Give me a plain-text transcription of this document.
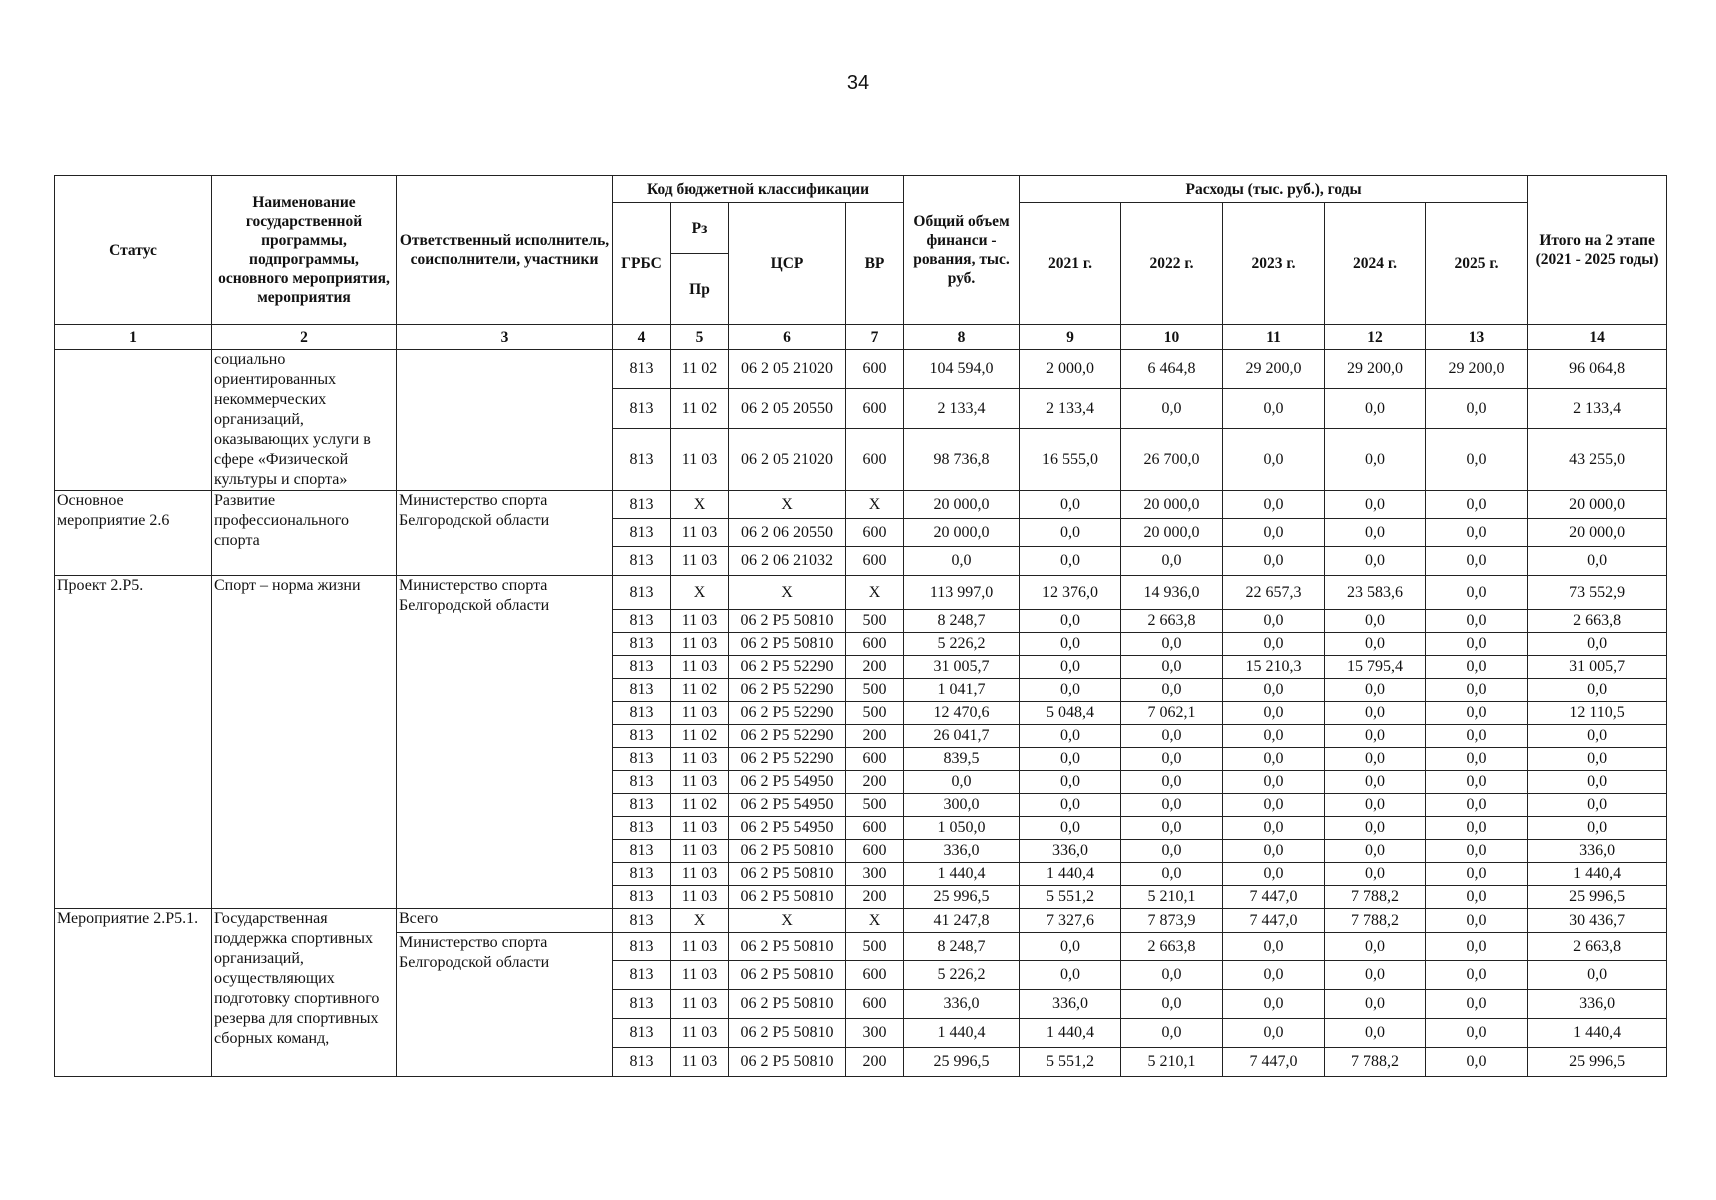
34
Статус	Наименование государственной программы, подпрограммы, основного мероприятия, мероприятия	Ответственный исполнитель, соисполнители, участники	Код бюджетной классификации				Общий объем финанси - рования, тыс. руб.	Расходы (тыс. руб.), годы					Итого на 2 этапе (2021 - 2025 годы)
			ГРБС	Рз	ЦСР	ВР		2021 г.	2022 г.	2023 г.	2024 г.	2025 г.	
				Пр									
1	2	3	4	5	6	7	8	9	10	11	12	13	14
	социально ориентированных некоммерческих организаций, оказывающих услуги в сфере «Физической культуры и спорта»		813	11 02	06 2 05 21020	600	104 594,0	2 000,0	6 464,8	29 200,0	29 200,0	29 200,0	96 064,8
			813	11 02	06 2 05 20550	600	2 133,4	2 133,4	0,0	0,0	0,0	0,0	2 133,4
			813	11 03	06 2 05 21020	600	98 736,8	16 555,0	26 700,0	0,0	0,0	0,0	43 255,0
Основное мероприятие 2.6	Развитие профессионального спорта	Министерство спорта Белгородской области	813	Х	Х	Х	20 000,0	0,0	20 000,0	0,0	0,0	0,0	20 000,0
			813	11 03	06 2 06 20550	600	20 000,0	0,0	20 000,0	0,0	0,0	0,0	20 000,0
			813	11 03	06 2 06 21032	600	0,0	0,0	0,0	0,0	0,0	0,0	0,0
Проект 2.Р5.	Спорт – норма жизни	Министерство спорта Белгородской области	813	Х	Х	Х	113 997,0	12 376,0	14 936,0	22 657,3	23 583,6	0,0	73 552,9
			813	11 03	06 2 Р5 50810	500	8 248,7	0,0	2 663,8	0,0	0,0	0,0	2 663,8
			813	11 03	06 2 Р5 50810	600	5 226,2	0,0	0,0	0,0	0,0	0,0	0,0
			813	11 03	06 2 Р5 52290	200	31 005,7	0,0	0,0	15 210,3	15 795,4	0,0	31 005,7
			813	11 02	06 2 Р5 52290	500	1 041,7	0,0	0,0	0,0	0,0	0,0	0,0
			813	11 03	06 2 Р5 52290	500	12 470,6	5 048,4	7 062,1	0,0	0,0	0,0	12 110,5
			813	11 02	06 2 Р5 52290	200	26 041,7	0,0	0,0	0,0	0,0	0,0	0,0
			813	11 03	06 2 Р5 52290	600	839,5	0,0	0,0	0,0	0,0	0,0	0,0
			813	11 03	06 2 Р5 54950	200	0,0	0,0	0,0	0,0	0,0	0,0	0,0
			813	11 02	06 2 Р5 54950	500	300,0	0,0	0,0	0,0	0,0	0,0	0,0
			813	11 03	06 2 Р5 54950	600	1 050,0	0,0	0,0	0,0	0,0	0,0	0,0
			813	11 03	06 2 Р5 50810	600	336,0	336,0	0,0	0,0	0,0	0,0	336,0
			813	11 03	06 2 Р5 50810	300	1 440,4	1 440,4	0,0	0,0	0,0	0,0	1 440,4
			813	11 03	06 2 Р5 50810	200	25 996,5	5 551,2	5 210,1	7 447,0	7 788,2	0,0	25 996,5
Мероприятие 2.Р5.1.	Государственная поддержка спортивных организаций, осуществляющих подготовку спортивного резерва для спортивных сборных команд,	Всего	813	Х	Х	Х	41 247,8	7 327,6	7 873,9	7 447,0	7 788,2	0,0	30 436,7
		Министерство спорта Белгородской области	813	11 03	06 2 Р5 50810	500	8 248,7	0,0	2 663,8	0,0	0,0	0,0	2 663,8
			813	11 03	06 2 Р5 50810	600	5 226,2	0,0	0,0	0,0	0,0	0,0	0,0
			813	11 03	06 2 Р5 50810	600	336,0	336,0	0,0	0,0	0,0	0,0	336,0
			813	11 03	06 2 Р5 50810	300	1 440,4	1 440,4	0,0	0,0	0,0	0,0	1 440,4
			813	11 03	06 2 Р5 50810	200	25 996,5	5 551,2	5 210,1	7 447,0	7 788,2	0,0	25 996,5
